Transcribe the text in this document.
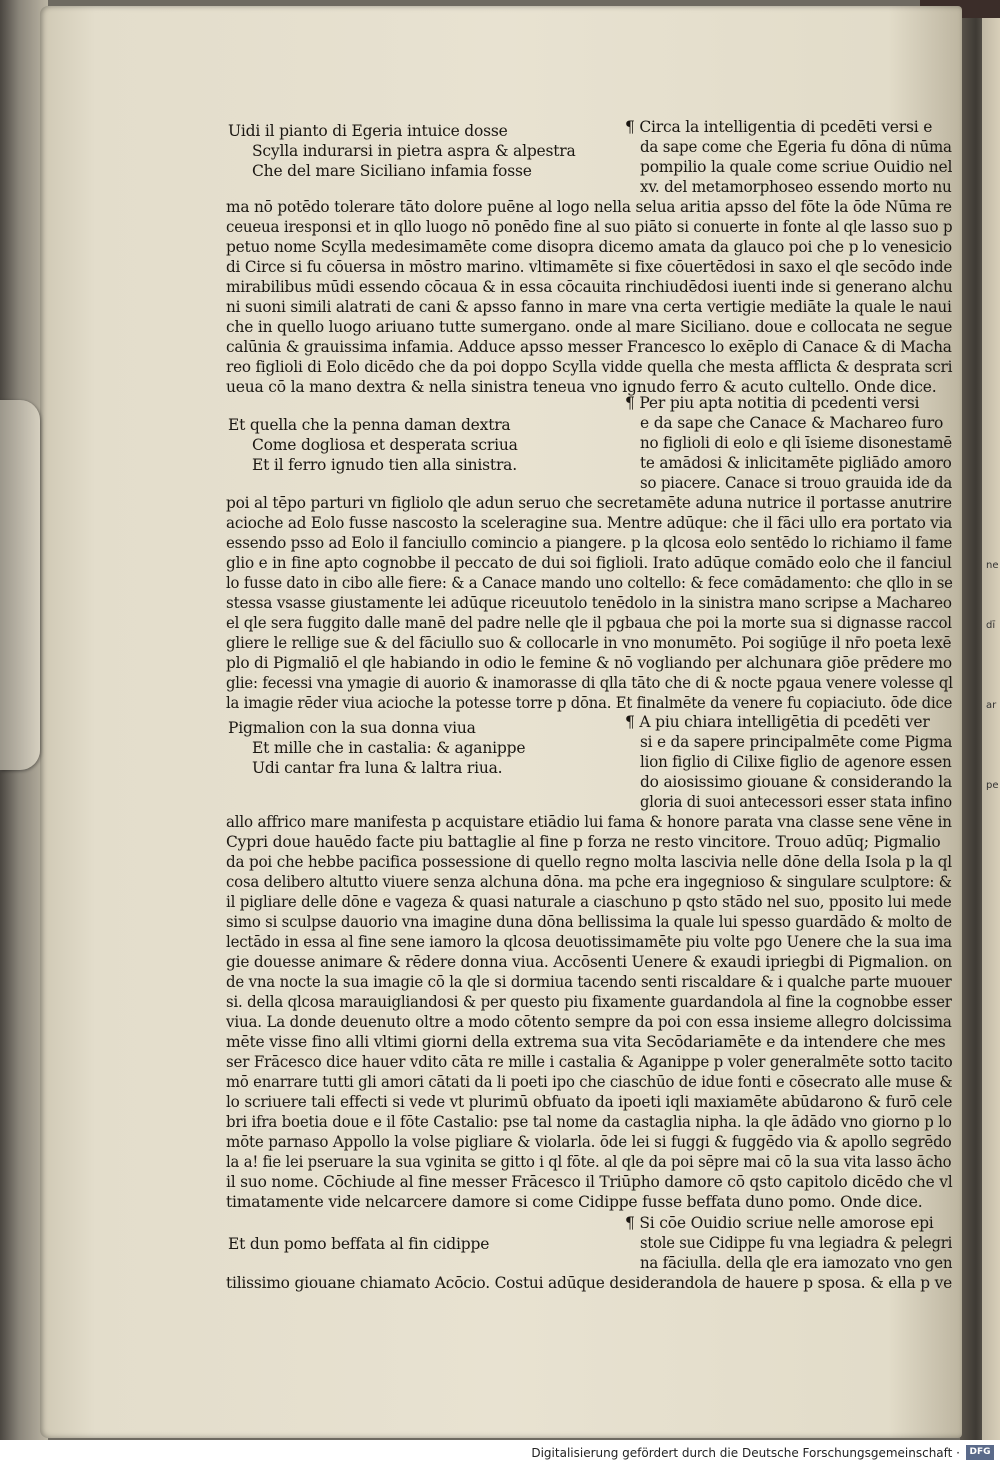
Uidi il pianto di Egeria intuice dosse
Scylla indurarsi in pietra aspra & alpestra
Che del mare Siciliano infamia fosse
¶ Circa la intelligentia di pcedēti versi e
da sape come che Egeria fu dōna di nūma
pompilio la quale come scriue Ouidio nel
xv. del metamorphoseo essendo morto nu
ma nō potēdo tolerare tāto dolore puēne al logo nella selua aritia apsso del fōte la ōde Nūma re
ceueua iresponsi et in qllo luogo nō ponēdo fine al suo piāto si conuerte in fonte al qle lasso suo p
petuo nome Scylla medesimamēte come disopra dicemo amata da glauco poi che p lo venesicio
di Circe si fu cōuersa in mōstro marino. vltimamēte si fixe cōuertēdosi in saxo el qle secōdo inde
mirabilibus mūdi essendo cōcaua & in essa cōcauita rinchiudēdosi iuenti inde si generano alchu
ni suoni simili alatrati de cani & apsso fanno in mare vna certa vertigie mediāte la quale le naui
che in quello luogo ariuano tutte sumergano. onde al mare Siciliano. doue e collocata ne segue
calūnia & grauissima infamia. Adduce apsso messer Francesco lo exēplo di Canace & di Macha
reo figlioli di Eolo dicēdo che da poi doppo Scylla vidde quella che mesta afflicta & desprata scri
ueua cō la mano dextra & nella sinistra teneua vno ignudo ferro & acuto cultello. Onde dice.
¶ Per piu apta notitia di pcedenti versi
e da sape che Canace & Machareo furo
no figlioli di eolo e qli īsieme disonestamē
te amādosi & inlicitamēte pigliādo amoro
so piacere. Canace si trouo grauida ide da
Et quella che la penna daman dextra
Come dogliosa et desperata scriua
Et il ferro ignudo tien alla sinistra.
poi al tēpo parturi vn figliolo qle adun seruo che secretamēte aduna nutrice il portasse anutrire
acioche ad Eolo fusse nascosto la sceleragine sua. Mentre adūque: che il fāci ullo era portato via
essendo psso ad Eolo il fanciullo comincio a piangere. p la qlcosa eolo sentēdo lo richiamo il fame
glio e in fine apto cognobbe il peccato de dui soi figlioli. Irato adūque comādo eolo che il fanciul
lo fusse dato in cibo alle fiere: & a Canace mando uno coltello: & fece comādamento: che qllo in se
stessa vsasse giustamente lei adūque riceuutolo tenēdolo in la sinistra mano scripse a Machareo
el qle sera fuggito dalle manē del padre nelle qle il pgbaua che poi la morte sua si dignasse raccol
gliere le rellige sue & del fāciullo suo & collocarle in vno monumēto. Poi sogiūge il nr̄o poeta lexē
plo di Pigmaliō el qle habiando in odio le femine & nō vogliando per alchunara giōe prēdere mo
glie: fecessi vna ymagie di auorio & inamorasse di qlla tāto che di & nocte pgaua venere volesse ql
la imagie rēder viua acioche la potesse torre p dōna. Et finalmēte da venere fu copiaciuto. ōde dice
¶ A piu chiara intelligētia di pcedēti ver
si e da sapere principalmēte come Pigma
lion figlio di Cilixe figlio de agenore essen
do aiosissimo giouane & considerando la
gloria di suoi antecessori esser stata infino
Pigmalion con la sua donna viua
Et mille che in castalia: & aganippe
Udi cantar fra luna & laltra riua.
allo affrico mare manifesta p acquistare etiādio lui fama & honore parata vna classe sene vēne in
Cypri doue hauēdo facte piu battaglie al fine p forza ne resto vincitore. Trouo adūq; Pigmalio
da poi che hebbe pacifica possessione di quello regno molta lascivia nelle dōne della Isola p la ql
cosa delibero altutto viuere senza alchuna dōna. ma pche era ingegnioso & singulare sculptore: &
il pigliare delle dōne e vageza & quasi naturale a ciaschuno p qsto stādo nel suo, pposito lui mede
simo si sculpse dauorio vna imagine duna dōna bellissima la quale lui spesso guardādo & molto de
lectādo in essa al fine sene iamoro la qlcosa deuotissimamēte piu volte pgo Uenere che la sua ima
gie douesse animare & rēdere donna viua. Accōsenti Uenere & exaudi ipriegbi di Pigmalion. on
de vna nocte la sua imagie cō la qle si dormiua tacendo senti riscaldare & i qualche parte muouer
si. della qlcosa marauigliandosi & per questo piu fixamente guardandola al fine la cognobbe esser
viua. La donde deuenuto oltre a modo cōtento sempre da poi con essa insieme allegro dolcissima
mēte visse fino alli vltimi giorni della extrema sua vita Secōdariamēte e da intendere che mes
ser Frācesco dice hauer vdito cāta re mille i castalia & Aganippe p voler generalmēte sotto tacito
mō enarrare tutti gli amori cātati da li poeti ipo che ciaschūo de idue fonti e cōsecrato alle muse &
lo scriuere tali effecti si vede vt plurimū obfuato da ipoeti iqli maxiamēte abūdarono & furō cele
bri ifra boetia doue e il fōte Castalio: pse tal nome da castaglia nipha. la qle ādādo vno giorno p lo
mōte parnaso Appollo la volse pigliare & violarla. ōde lei si fuggi & fuggēdo via & apollo segrēdo
la a! fie lei pseruare la sua vginita se gitto i ql fōte. al qle da poi sēpre mai cō la sua vita lasso ācho
il suo nome. Cōchiude al fine messer Frācesco il Triūpho damore cō qsto capitolo dicēdo che vl
timatamente vide nelcarcere damore si come Cidippe fusse beffata duno pomo. Onde dice.
¶ Si cōe Ouidio scriue nelle amorose epi
stole sue Cidippe fu vna legiadra & pelegri
na fāciulla. della qle era iamozato vno gen
Et dun pomo beffata al fin cidippe
tilissimo giouane chiamato Acōcio. Costui adūque desiderandola de hauere p sposa. & ella p ve
ne
dī
ar
pe
Digitalisierung gefördert durch die Deutsche Forschungsgemeinschaft ·	DFG
